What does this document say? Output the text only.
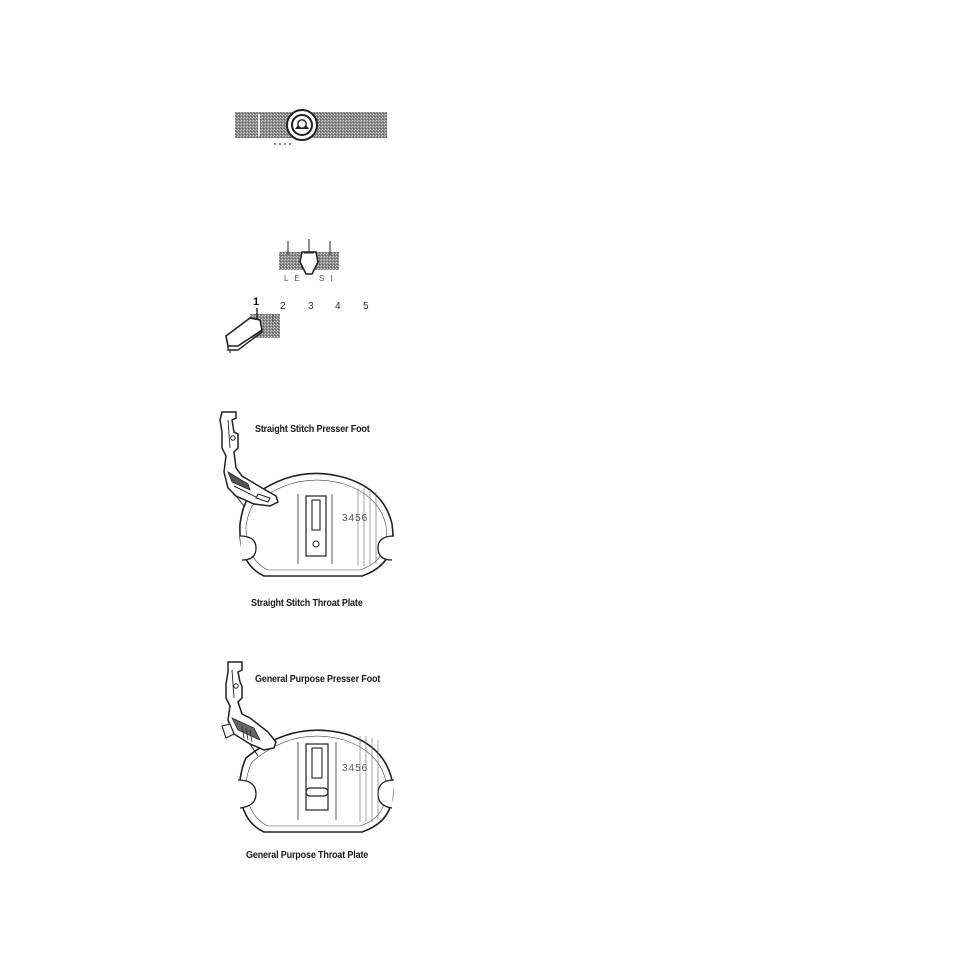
L E S I
1 2 3 4 5
3456
Straight Stitch Presser Foot
Straight Stitch Throat Plate
3456
General Purpose Presser Foot
General Purpose Throat Plate
